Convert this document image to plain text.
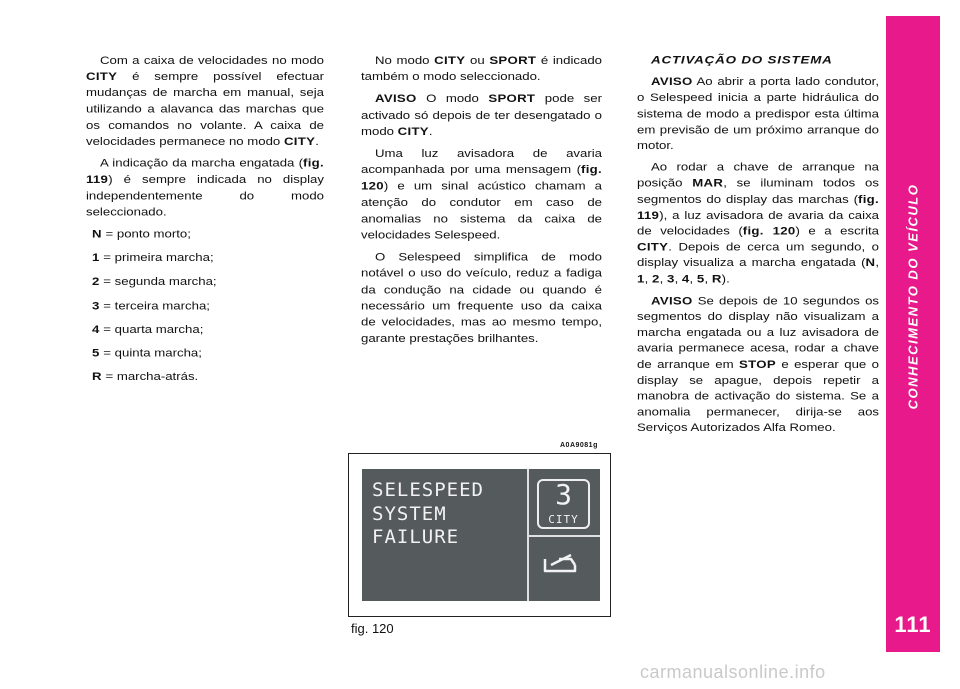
Com a caixa de velocidades no modo CITY é sempre possível efectuar mudanças de marcha em manual, seja utilizando a alavanca das marchas que os comandos no volante. A caixa de velocidades permanece no modo CITY.

A indicação da marcha engatada (fig. 119) é sempre indicada no display independentemente do modo seleccionado.

N = ponto morto;

1 = primeira marcha;

2 = segunda marcha;

3 = terceira marcha;

4 = quarta marcha;

5 = quinta marcha;

R = marcha-atrás.

No modo CITY ou SPORT é indicado também o modo seleccionado.

AVISO O modo SPORT pode ser activado só depois de ter desengatado o modo CITY.

Uma luz avisadora de avaria acompanhada por uma mensagem (fig. 120) e um sinal acústico chamam a atenção do condutor em caso de anomalias no sistema da caixa de velocidades Selespeed.

O Selespeed simplifica de modo notável o uso do veículo, reduz a fadiga da condução na cidade ou quando é necessário um frequente uso da caixa de velocidades, mas ao mesmo tempo, garante prestações brilhantes.

ACTIVAÇÃO DO SISTEMA

AVISO Ao abrir a porta lado condutor, o Selespeed inicia a parte hidráulica do sistema de modo a predispor esta última em previsão de um próximo arranque do motor.

Ao rodar a chave de arranque na posição MAR, se iluminam todos os segmentos do display das marchas (fig. 119), a luz avisadora de avaria da caixa de velocidades (fig. 120) e a escrita CITY. Depois de cerca um segundo, o display visualiza a marcha engatada (N, 1, 2, 3, 4, 5, R).

AVISO Se depois de 10 segundos os segmentos do display não visualizam a marcha engatada ou a luz avisadora de avaria permanece acesa, rodar a chave de arranque em STOP e esperar que o display se apague, depois repetir a manobra de activação do sistema. Se a anomalia permanecer, dirija-se aos Serviços Autorizados Alfa Romeo.

A0A9081g
SELESPEED
SYSTEM
FAILURE
3
CITY
fig. 120
CONHECIMENTO DO VEÍCULO
111
carmanualsonline.info
